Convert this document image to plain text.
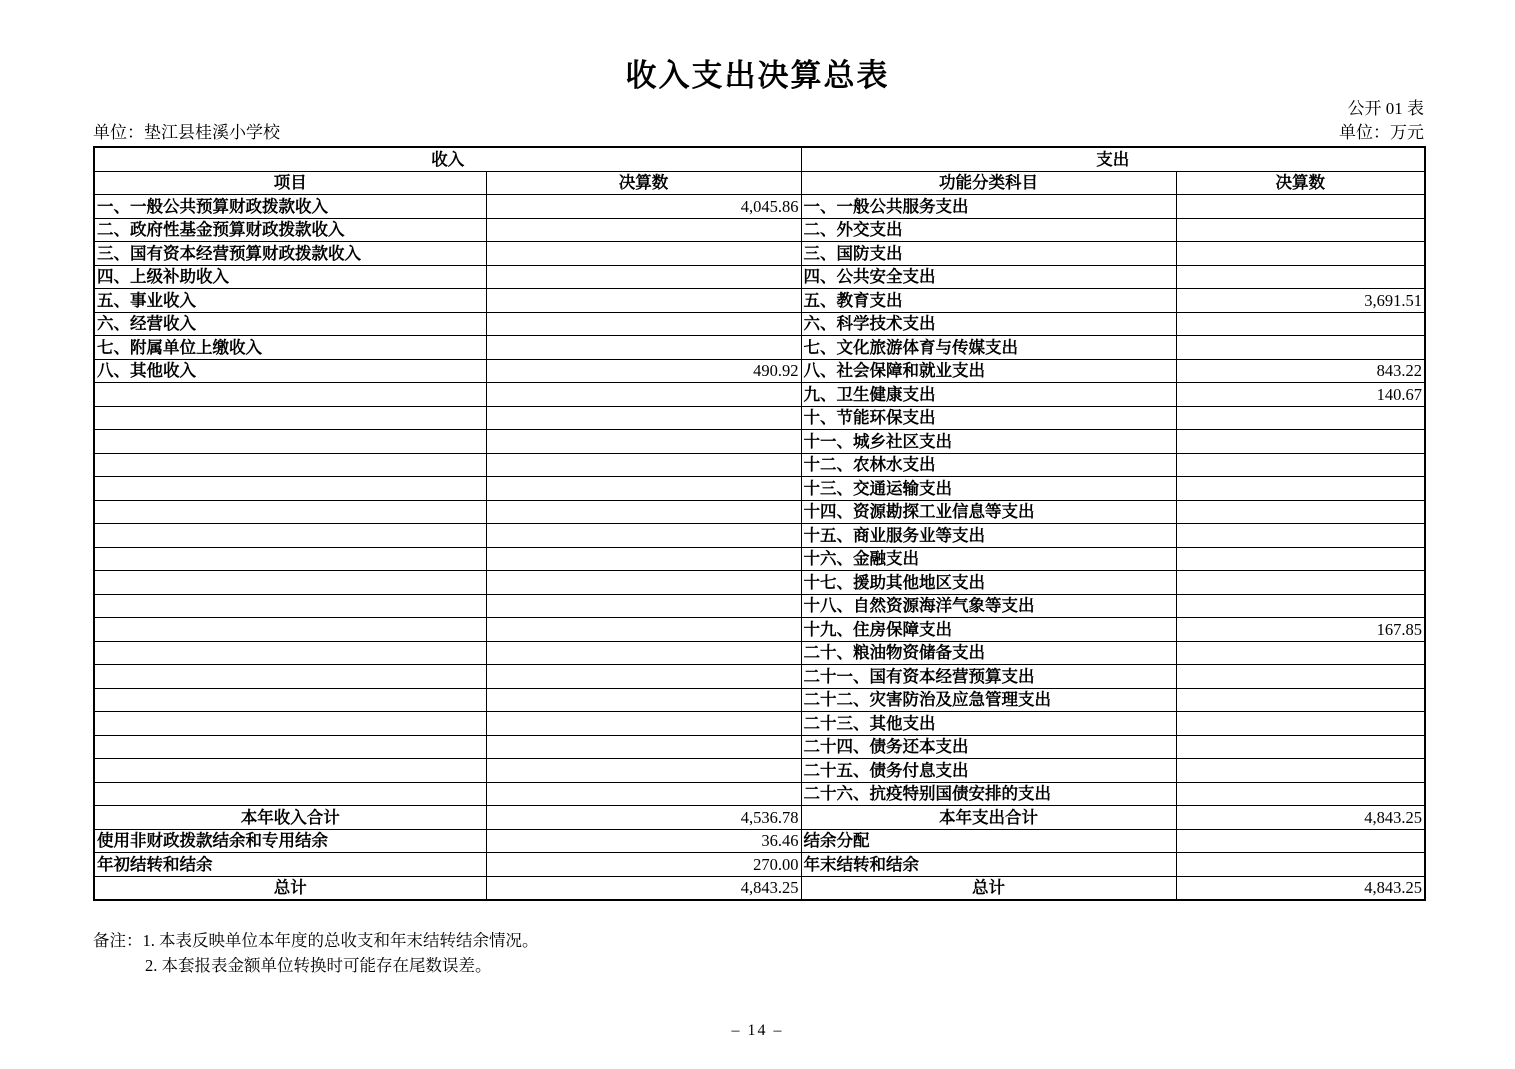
收入支出决算总表
公开 01 表
单位：垫江县桂溪小学校	单位：万元
收入		支出	
项目	决算数	功能分类科目	决算数
一、一般公共预算财政拨款收入	4,045.86	一、一般公共服务支出	
二、政府性基金预算财政拨款收入		二、外交支出	
三、国有资本经营预算财政拨款收入		三、国防支出	
四、上级补助收入		四、公共安全支出	
五、事业收入		五、教育支出	3,691.51
六、经营收入		六、科学技术支出	
七、附属单位上缴收入		七、文化旅游体育与传媒支出	
八、其他收入	490.92	八、社会保障和就业支出	843.22
		九、卫生健康支出	140.67
		十、节能环保支出	
		十一、城乡社区支出	
		十二、农林水支出	
		十三、交通运输支出	
		十四、资源勘探工业信息等支出	
		十五、商业服务业等支出	
		十六、金融支出	
		十七、援助其他地区支出	
		十八、自然资源海洋气象等支出	
		十九、住房保障支出	167.85
		二十、粮油物资储备支出	
		二十一、国有资本经营预算支出	
		二十二、灾害防治及应急管理支出	
		二十三、其他支出	
		二十四、债务还本支出	
		二十五、债务付息支出	
		二十六、抗疫特别国债安排的支出	
本年收入合计	4,536.78	本年支出合计	4,843.25
使用非财政拨款结余和专用结余	36.46	结余分配	
年初结转和结余	270.00	年末结转和结余	
总计	4,843.25	总计	4,843.25
备注：1. 本表反映单位本年度的总收支和年末结转结余情况。
2. 本套报表金额单位转换时可能存在尾数误差。
– 14 –
